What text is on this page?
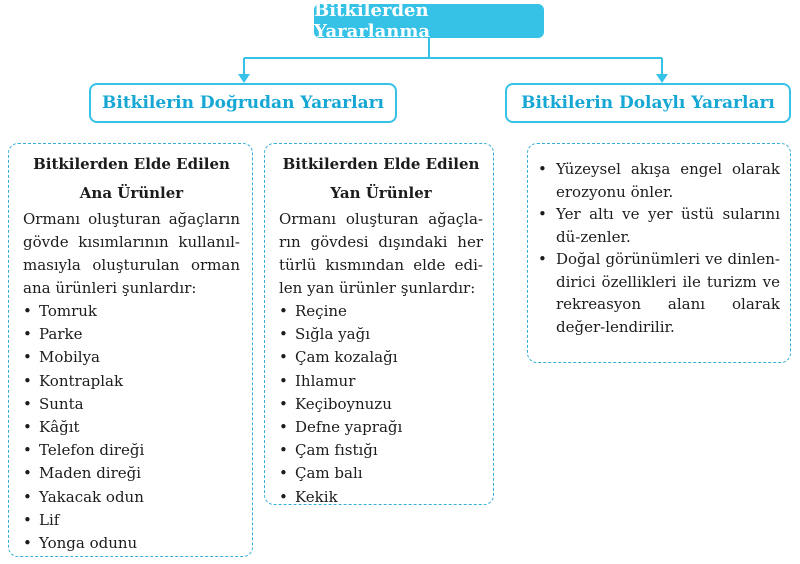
Bitkilerden Yararlanma
Bitkilerin Doğrudan Yararları	Bitkilerin Dolaylı Yararları
Bitkilerden Elde Edilen
Ana Ürünler
Ormanı oluşturan ağaçların gövde kısımlarının kullanıl-masıyla oluşturulan orman ana ürünleri şunlardır:
• Tomruk
• Parke
• Mobilya
• Kontraplak
• Sunta
• Kâğıt
• Telefon direği
• Maden direği
• Yakacak odun
• Lif
• Yonga odunu
Bitkilerden Elde Edilen
Yan Ürünler
Ormanı oluşturan ağaçla-rın gövdesi dışındaki her türlü kısmından elde edi-len yan ürünler şunlardır:
• Reçine
• Sığla yağı
• Çam kozalağı
• Ihlamur
• Keçiboynuzu
• Defne yaprağı
• Çam fıstığı
• Çam balı
• Kekik
• Yüzeysel akışa engel olarak erozyonu önler.
• Yer altı ve yer üstü sularını dü-zenler.
• Doğal görünümleri ve dinlen-dirici özellikleri ile turizm ve rekreasyon alanı olarak değer-lendirilir.
